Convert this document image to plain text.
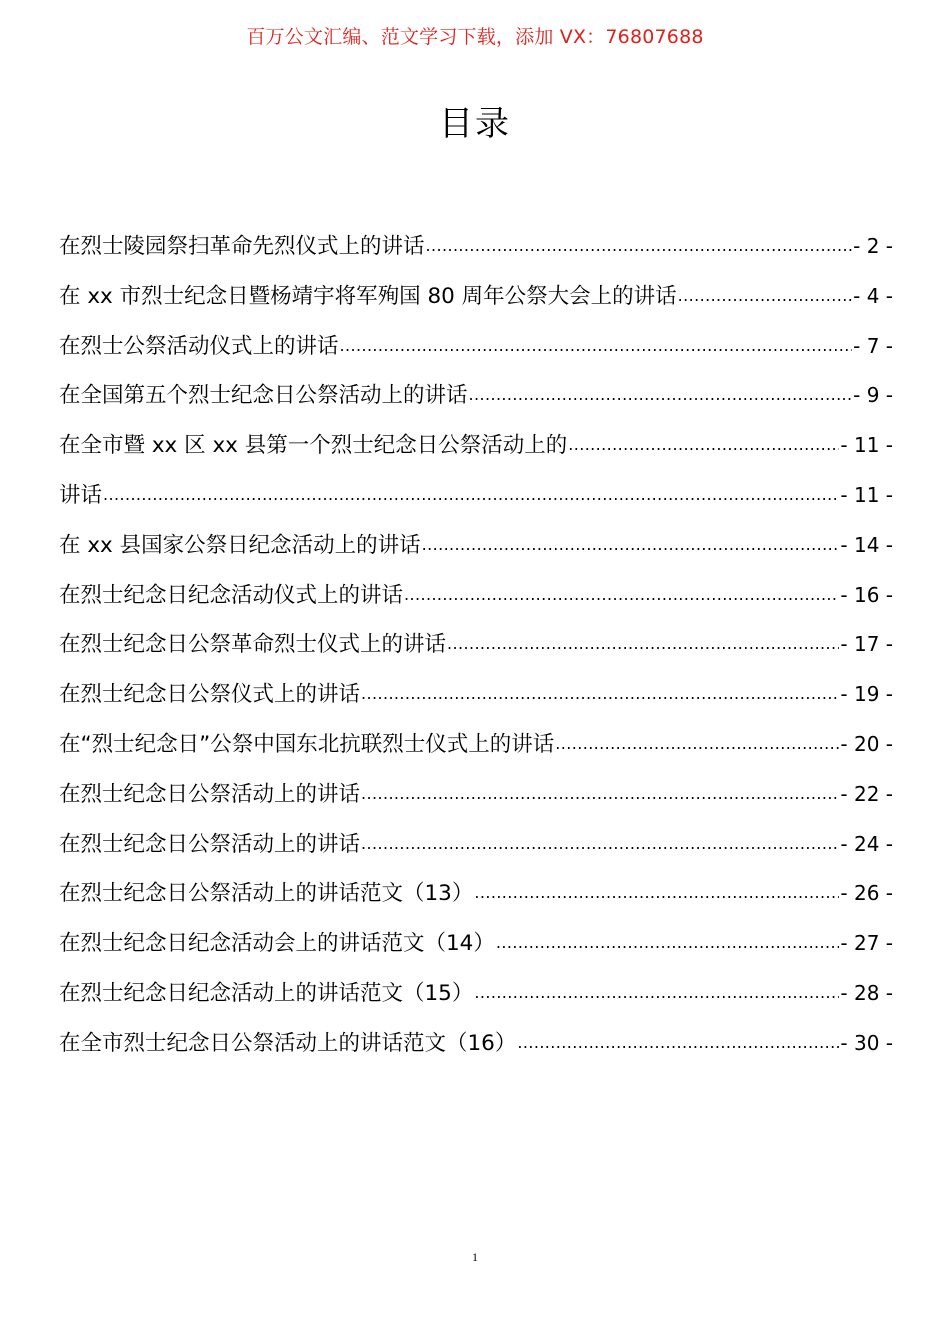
百万公文汇编、范文学习下载，添加 VX：76807688
目录
在烈士陵园祭扫革命先烈仪式上的讲话 .....	- 2 -
在 xx 市烈士纪念日暨杨靖宇将军殉国 80 周年公祭大会上的讲话 .....	- 4 -
在烈士公祭活动仪式上的讲话 .....	- 7 -
在全国第五个烈士纪念日公祭活动上的讲话 .....	- 9 -
在全市暨 xx 区 xx 县第一个烈士纪念日公祭活动上的 .....	- 11 -
讲话 .....	- 11 -
在 xx 县国家公祭日纪念活动上的讲话 .....	- 14 -
在烈士纪念日纪念活动仪式上的讲话 .....	- 16 -
在烈士纪念日公祭革命烈士仪式上的讲话 .....	- 17 -
在烈士纪念日公祭仪式上的讲话 .....	- 19 -
在“烈士纪念日”公祭中国东北抗联烈士仪式上的讲话 .....	- 20 -
在烈士纪念日公祭活动上的讲话 .....	- 22 -
在烈士纪念日公祭活动上的讲话 .....	- 24 -
在烈士纪念日公祭活动上的讲话范文（13） .....	- 26 -
在烈士纪念日纪念活动会上的讲话范文（14） .....	- 27 -
在烈士纪念日纪念活动上的讲话范文（15） .....	- 28 -
在全市烈士纪念日公祭活动上的讲话范文（16） .....	- 30 -
1
